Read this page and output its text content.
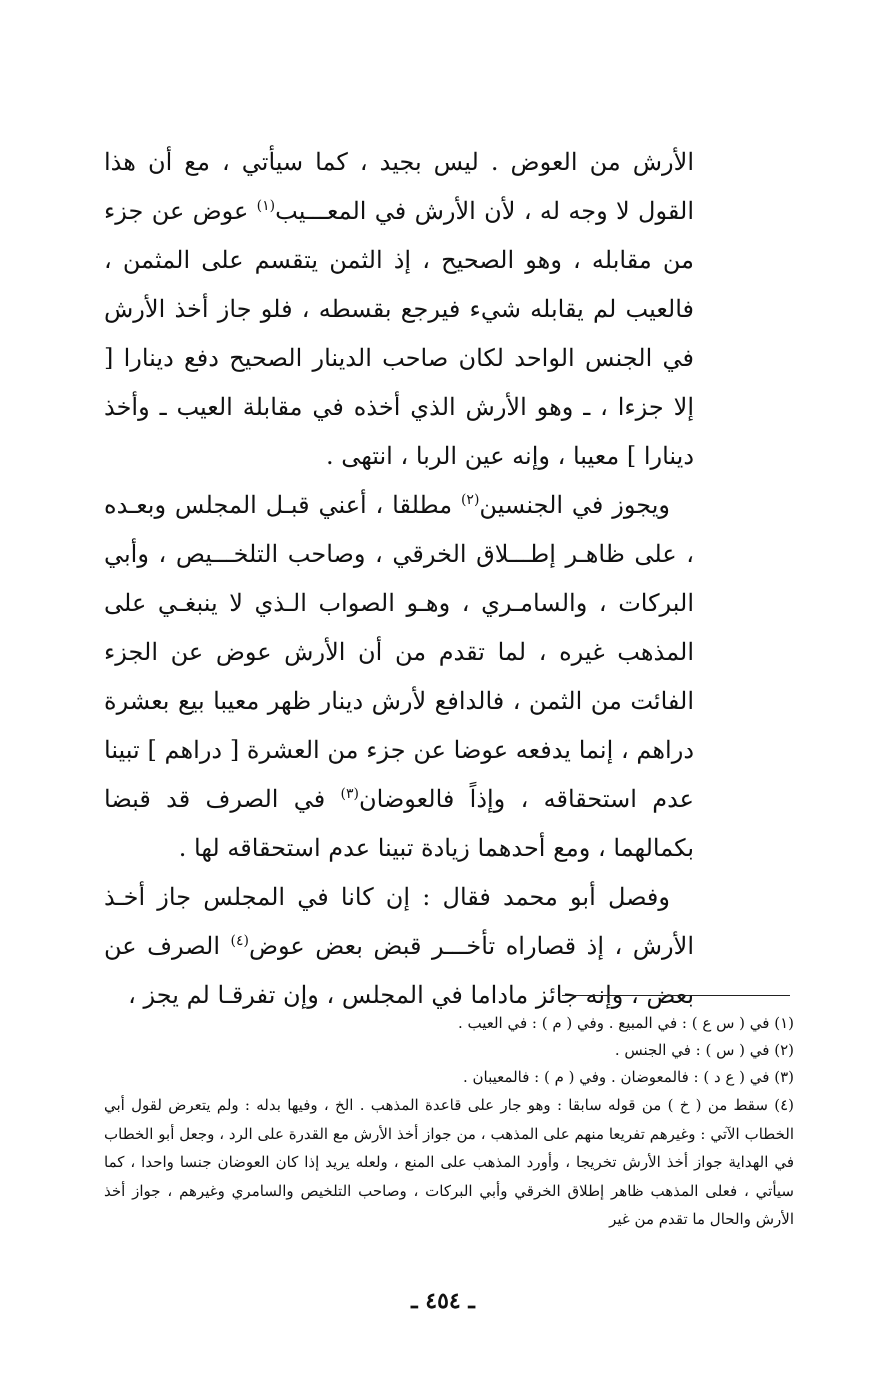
الأرش من العوض . ليس بجيد ، كما سيأتي ، مع أن هذا القول لا وجه له ، لأن الأرش في المعـــيب$^{(١)}$ عوض عن جزء من مقابله ، وهو الصحيح ، إذ الثمن يتقسم على المثمن ، فالعيب لم يقابله شيء فيرجع بقسطه ، فلو جاز أخذ الأرش في الجنس الواحد لكان صاحب الدينار الصحيح دفع دينارا [ إلا جزءا ، ـ وهو الأرش الذي أخذه في مقابلة العيب ـ وأخذ دينارا ] معيبا ، وإنه عين الربا ، انتهى .

ويجوز في الجنسين$^{(٢)}$ مطلقا ، أعني قبـل المجلس وبعـده ، على ظاهـر إطـــلاق الخرقي ، وصاحب التلخـــيص ، وأبي البركات ، والسامـري ، وهـو الصواب الـذي لا ينبغـي على المذهب غيره ، لما تقدم من أن الأرش عوض عن الجزء الفائت من الثمن ، فالدافع لأرش دينار ظهر معيبا بيع بعشرة دراهم ، إنما يدفعه عوضا عن جزء من العشرة [ دراهم ] تبينا عدم استحقاقه ، وإذاً فالعوضان$^{(٣)}$ في الصرف قد قبضا بكمالهما ، ومع أحدهما زيادة تبينا عدم استحقاقه لها .

وفصل أبو محمد فقال : إن كانا في المجلس جاز أخـذ الأرش ، إذ قصاراه تأخـــر قبض بعض عوض$^{(٤)}$ الصرف عن بعض ، وإنه جائز ماداما في المجلس ، وإن تفرقـا لم يجز ،

(١) في ( س ع ) : في المبيع . وفي ( م ) : في العيب .

(٢) في ( س ) : في الجنس .

(٣) في ( ع د ) : فالمعوضان . وفي ( م ) : فالمعيبان .

(٤) سقط من ( خ ) من قوله سابقا : وهو جار على قاعدة المذهب . الخ ، وفيها بدله : ولم يتعرض لقول أبي الخطاب الآتي : وغيرهم تفريعا منهم على المذهب ، من جواز أخذ الأرش مع القدرة على الرد ، وجعل أبو الخطاب في الهداية جواز أخذ الأرش تخريجا ، وأورد المذهب على المنع ، ولعله يريد إذا كان العوضان جنسا واحدا ، كما سيأتي ، فعلى المذهب ظاهر إطلاق الخرقي وأبي البركات ، وصاحب التلخيص والسامري وغيرهم ، جواز أخذ الأرش والحال ما تقدم من غير

ـ ٤٥٤ ـ
